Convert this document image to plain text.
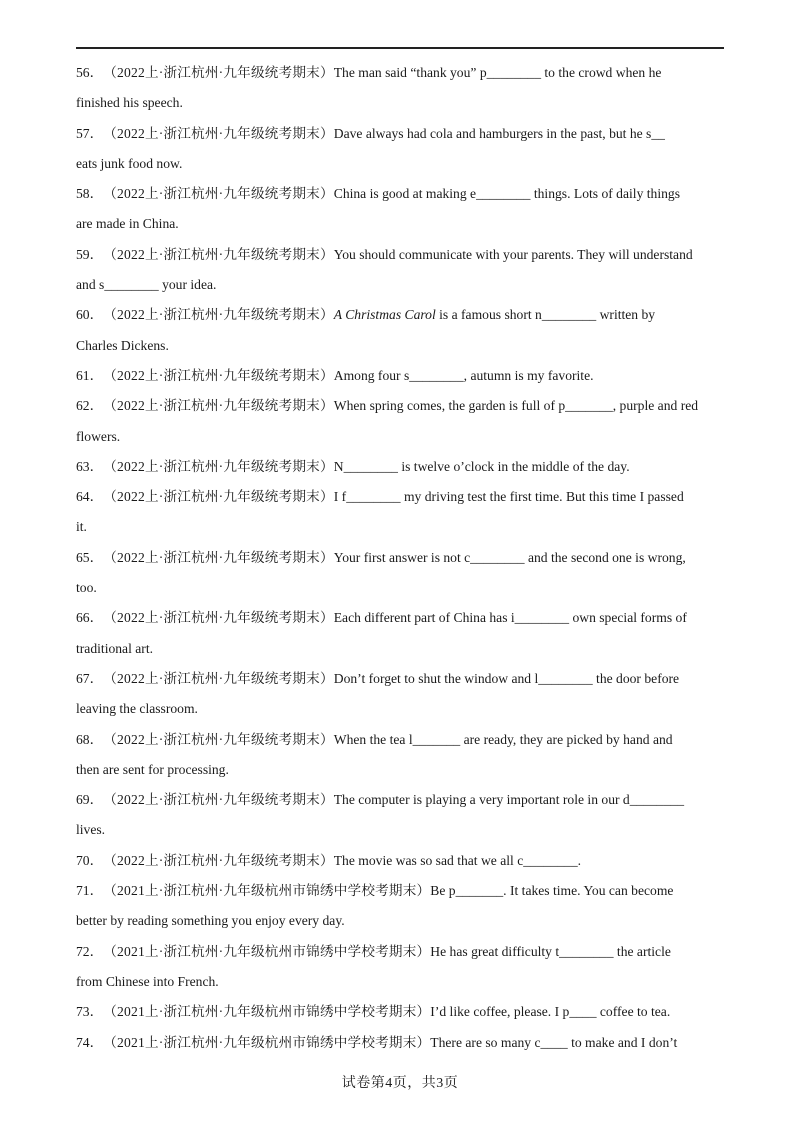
56．（2022上·浙江杭州·九年级统考期末）The man said “thank you” p________ to the crowd when he
finished his speech.
57．（2022上·浙江杭州·九年级统考期末）Dave always had cola and hamburgers in the past, but he s__
eats junk food now.
58．（2022上·浙江杭州·九年级统考期末）China is good at making e________ things. Lots of daily things
are made in China.
59．（2022上·浙江杭州·九年级统考期末）You should communicate with your parents. They will understand
and s________ your idea.
60．（2022上·浙江杭州·九年级统考期末）A Christmas Carol is a famous short n________ written by
Charles Dickens.
61．（2022上·浙江杭州·九年级统考期末）Among four s________, autumn is my favorite.
62．（2022上·浙江杭州·九年级统考期末）When spring comes, the garden is full of p_______, purple and red
flowers.
63．（2022上·浙江杭州·九年级统考期末）N________ is twelve o’clock in the middle of the day.
64．（2022上·浙江杭州·九年级统考期末）I f________ my driving test the first time. But this time I passed
it.
65．（2022上·浙江杭州·九年级统考期末）Your first answer is not c________ and the second one is wrong,
too.
66．（2022上·浙江杭州·九年级统考期末）Each different part of China has i________ own special forms of
traditional art.
67．（2022上·浙江杭州·九年级统考期末）Don’t forget to shut the window and l________ the door before
leaving the classroom.
68．（2022上·浙江杭州·九年级统考期末）When the tea l_______ are ready, they are picked by hand and
then are sent for processing.
69．（2022上·浙江杭州·九年级统考期末）The computer is playing a very important role in our d________
lives.
70．（2022上·浙江杭州·九年级统考期末）The movie was so sad that we all c________.
71．（2021上·浙江杭州·九年级杭州市锦绣中学校考期末）Be p_______. It takes time. You can become
better by reading something you enjoy every day.
72．（2021上·浙江杭州·九年级杭州市锦绣中学校考期末）He has great difficulty t________ the article
from Chinese into French.
73．（2021上·浙江杭州·九年级杭州市锦绣中学校考期末）I’d like coffee, please. I p____ coffee to tea.
74．（2021上·浙江杭州·九年级杭州市锦绣中学校考期末）There are so many c____ to make and I don’t
试卷第4页，共3页
